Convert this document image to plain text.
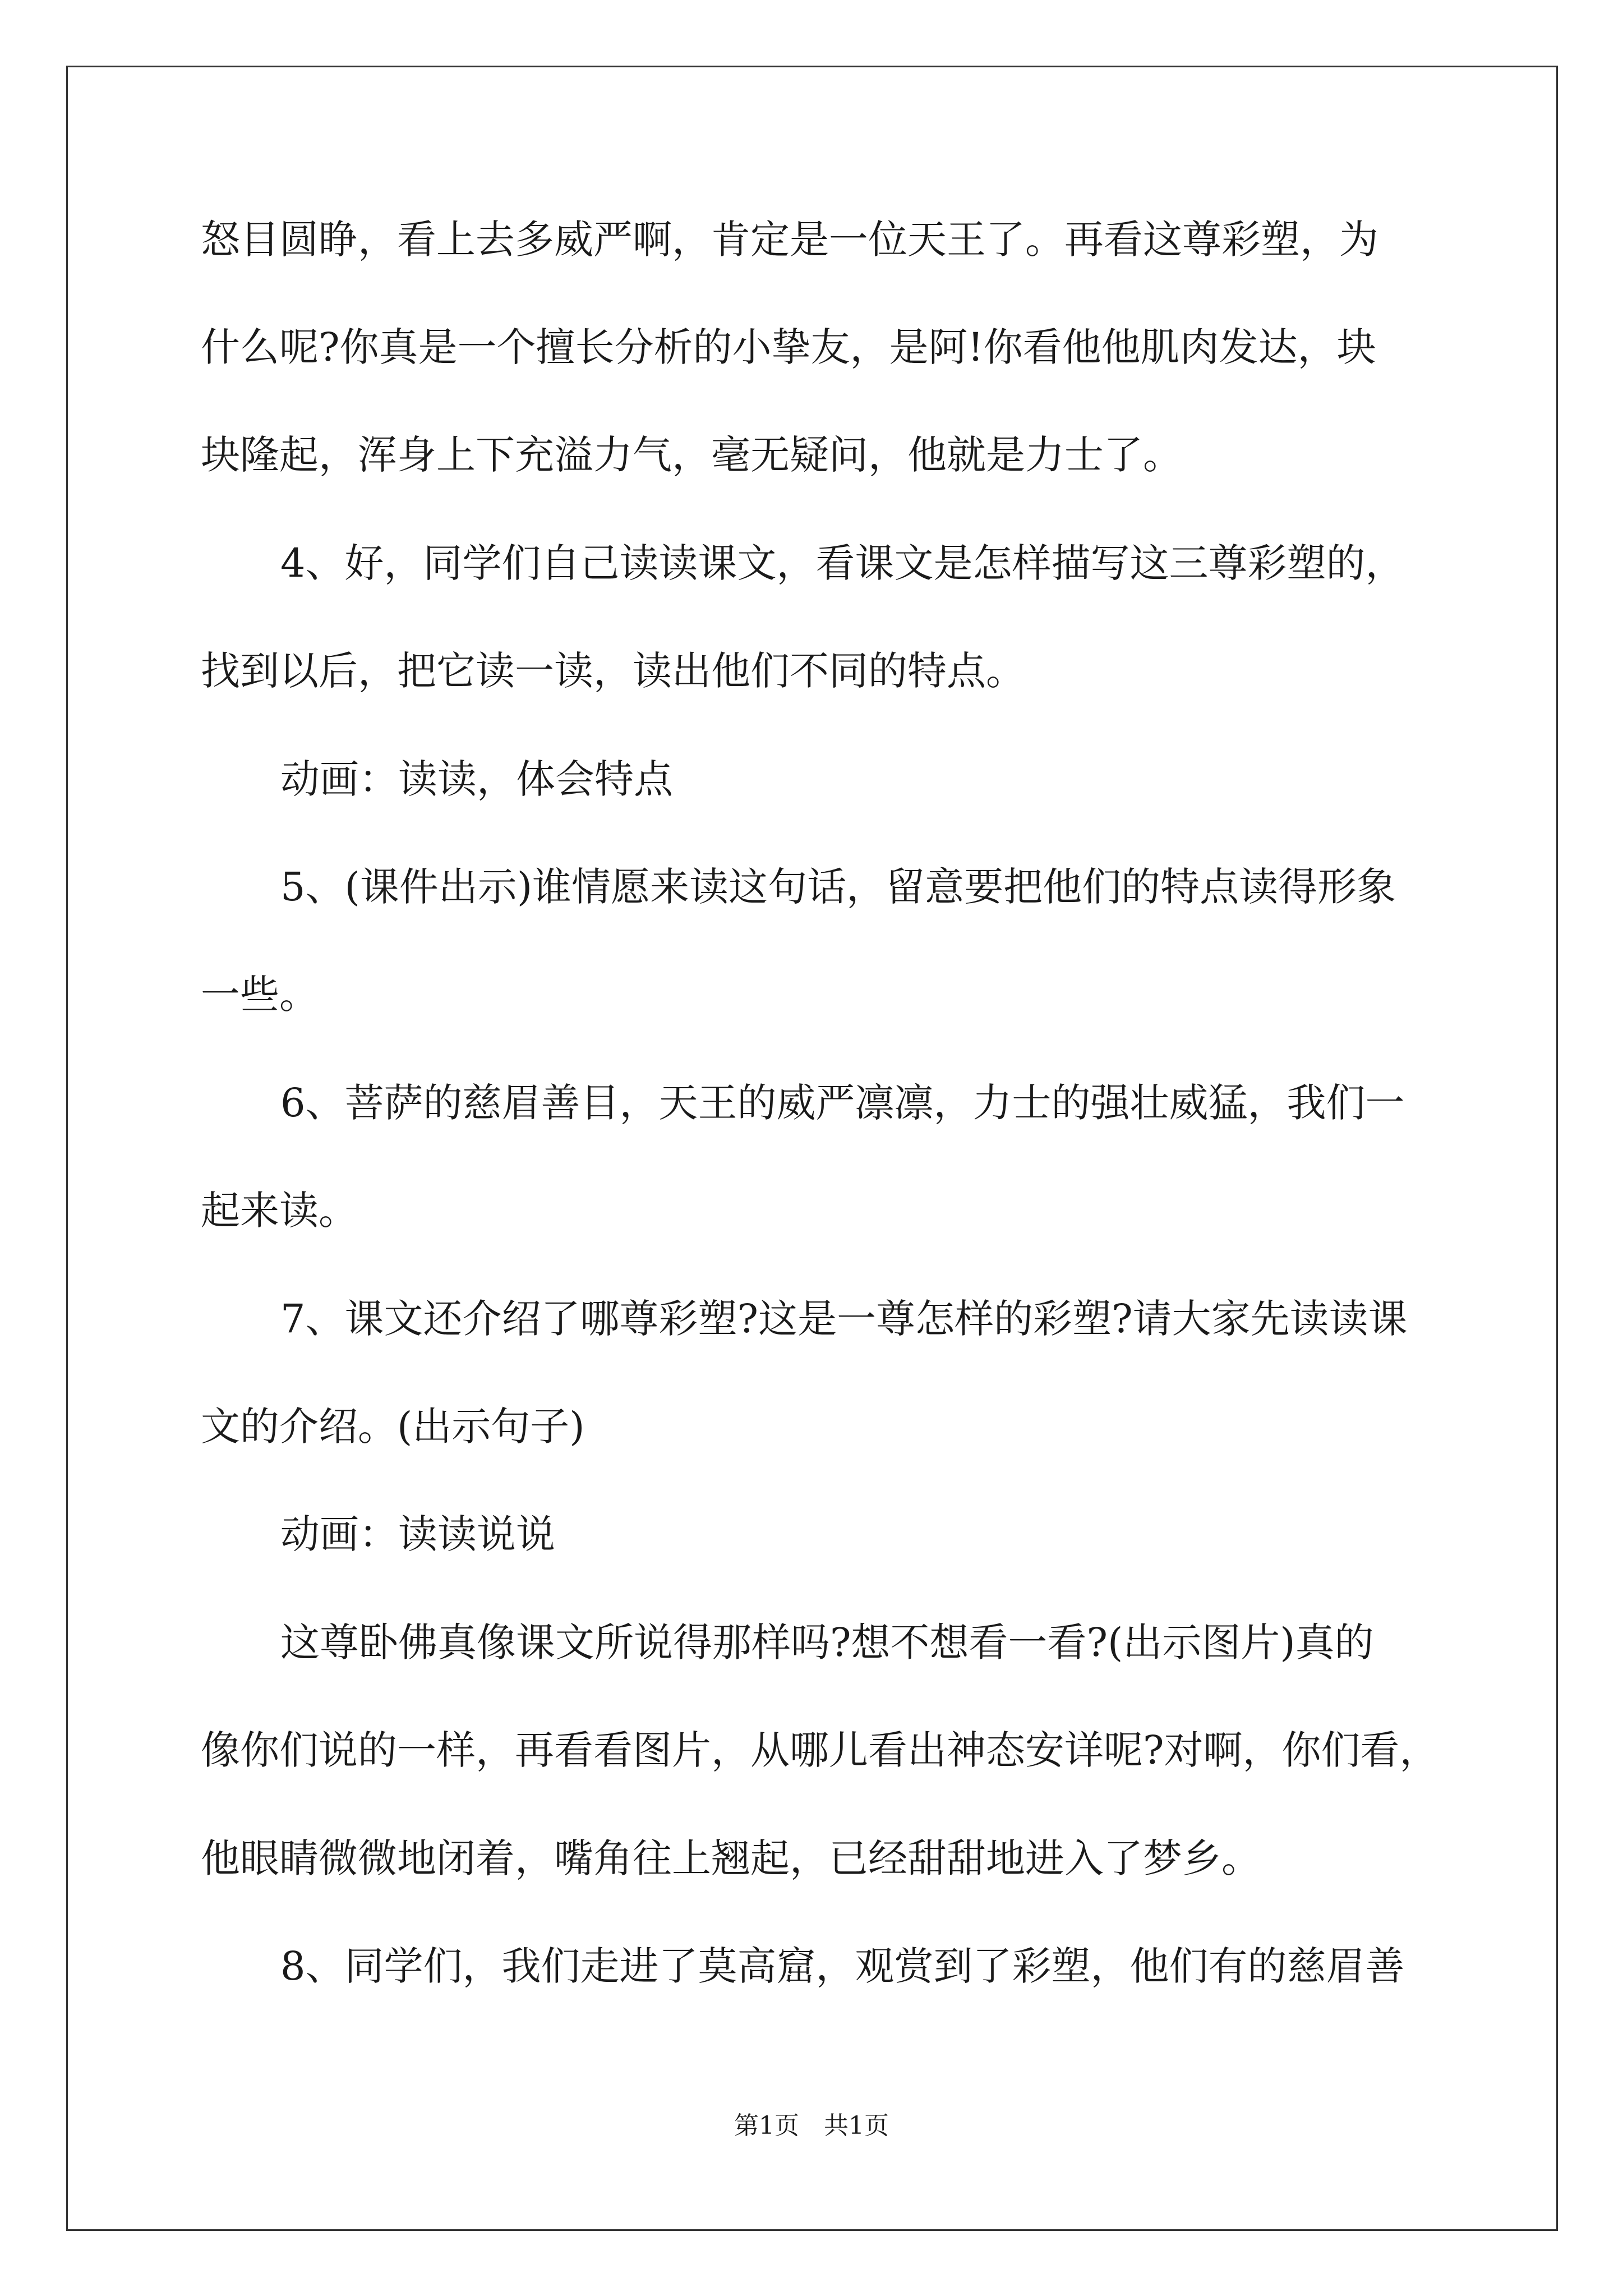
怒目圆睁，看上去多威严啊，肯定是一位天王了。再看这尊彩塑，为

什么呢?你真是一个擅长分析的小挚友，是阿!你看他他肌肉发达，块

块隆起，浑身上下充溢力气，毫无疑问，他就是力士了。

4、好，同学们自己读读课文，看课文是怎样描写这三尊彩塑的，

找到以后，把它读一读，读出他们不同的特点。

动画：读读，体会特点

5、(课件出示)谁情愿来读这句话，留意要把他们的特点读得形象

一些。

6、菩萨的慈眉善目，天王的威严凛凛，力士的强壮威猛，我们一

起来读。

7、课文还介绍了哪尊彩塑?这是一尊怎样的彩塑?请大家先读读课

文的介绍。(出示句子)

动画：读读说说

这尊卧佛真像课文所说得那样吗?想不想看一看?(出示图片)真的

像你们说的一样，再看看图片，从哪儿看出神态安详呢?对啊，你们看，

他眼睛微微地闭着，嘴角往上翘起，已经甜甜地进入了梦乡。

8、同学们，我们走进了莫高窟，观赏到了彩塑，他们有的慈眉善

第1页 共1页
